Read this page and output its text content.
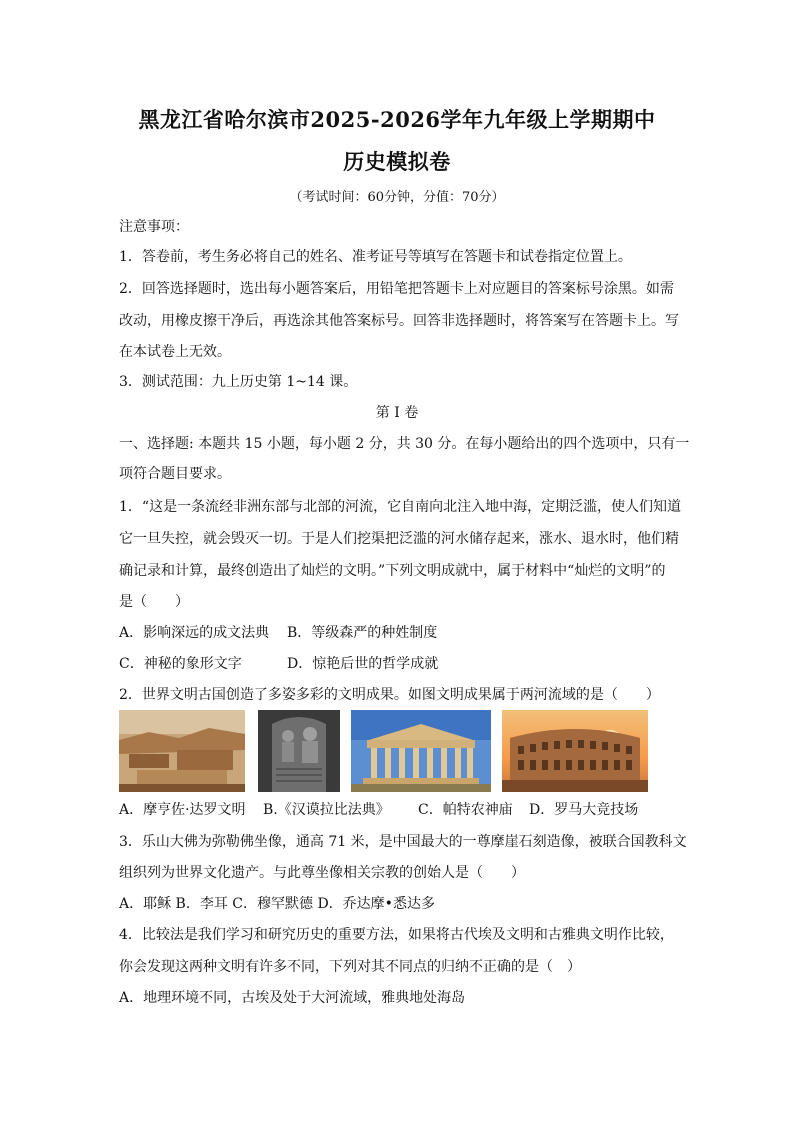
黑龙江省哈尔滨市2025-2026学年九年级上学期期中
历史模拟卷
（考试时间：60分钟，分值：70分）
注意事项：
1．答卷前，考生务必将自己的姓名、准考证号等填写在答题卡和试卷指定位置上。
2．回答选择题时，选出每小题答案后，用铅笔把答题卡上对应题目的答案标号涂黑。如需
改动，用橡皮擦干净后，再选涂其他答案标号。回答非选择题时，将答案写在答题卡上。写
在本试卷上无效。
3．测试范围：九上历史第 1~14 课。
第 I 卷
一、选择题: 本题共 15 小题，每小题 2 分，共 30 分。在每小题给出的四个选项中，只有一
项符合题目要求。
1．“这是一条流经非洲东部与北部的河流，它自南向北注入地中海，定期泛滥，使人们知道
它一旦失控，就会毁灭一切。于是人们挖渠把泛滥的河水储存起来，涨水、退水时，他们精
确记录和计算，最终创造出了灿烂的文明。”下列文明成就中，属于材料中“灿烂的文明”的
是（　　）
A．影响深远的成文法典 B．等级森严的种姓制度
C．神秘的象形文字	D．惊艳后世的哲学成就
2．世界文明古国创造了多姿多彩的文明成果。如图文明成果属于两河流域的是（　　）
A．摩亨佐·达罗文明 B.《汉谟拉比法典》 C．帕特农神庙 D．罗马大竞技场
3．乐山大佛为弥勒佛坐像，通高 71 米，是中国最大的一尊摩崖石刻造像，被联合国教科文
组织列为世界文化遗产。与此尊坐像相关宗教的创始人是（　　）
A．耶稣 B．李耳 C．穆罕默德 D．乔达摩•悉达多
4．比较法是我们学习和研究历史的重要方法，如果将古代埃及文明和古雅典文明作比较，
你会发现这两种文明有许多不同，下列对其不同点的归纳不正确的是（　）
A．地理环境不同，古埃及处于大河流域，雅典地处海岛
